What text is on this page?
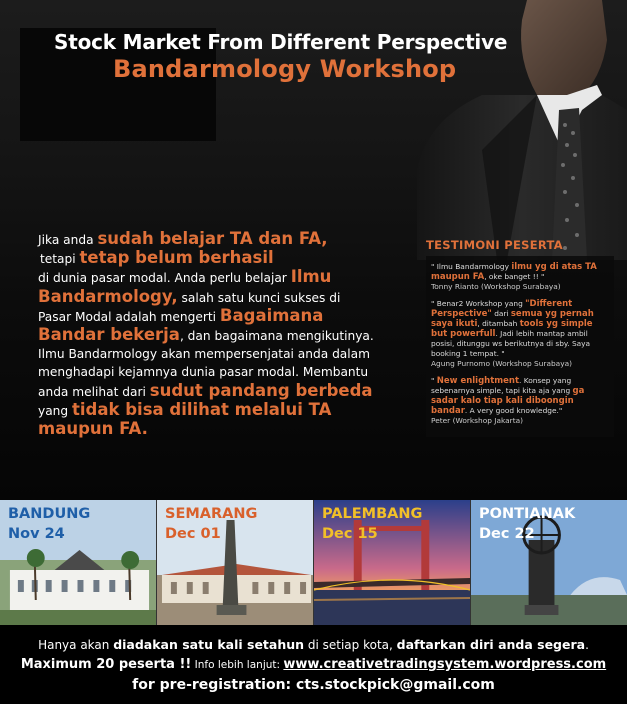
Stock Market From Different Perspective
Bandarmology Workshop
Jika anda sudah belajar TA dan FA,
tetapi tetap belum berhasil
di dunia pasar modal. Anda perlu belajar Ilmu
Bandarmology, salah satu kunci sukses di
Pasar Modal adalah mengerti Bagaimana
Bandar bekerja, dan bagaimana mengikutinya.
Ilmu Bandarmology akan mempersenjatai anda dalam
menghadapi kejamnya dunia pasar modal. Membantu
anda melihat dari sudut pandang berbeda
yang tidak bisa dilihat melalui TA
maupun FA.
TESTIMONI PESERTA
" Ilmu Bandarmology ilmu yg di atas TA maupun FA, oke banget !! "
Tonny Rianto (Workshop Surabaya)
" Benar2 Workshop yang "Different Perspective" dari semua yg pernah saya ikuti, ditambah tools yg simple but powerfull. Jadi lebih mantap ambil posisi, ditunggu ws berikutnya di sby. Saya booking 1 tempat. "
Agung Purnomo (Workshop Surabaya)
" New enlightment. Konsep yang sebenarnya simple, tapi kita aja yang ga sadar kalo tiap kali diboongin bandar. A very good knowledge."
Peter (Workshop Jakarta)
BANDUNG
Nov 24
SEMARANG
Dec 01
PALEMBANG
Dec 15
PONTIANAK
Dec 22
Hanya akan diadakan satu kali setahun di setiap kota, daftarkan diri anda segera.
Maximum 20 peserta !! Info lebih lanjut: www.creativetradingsystem.wordpress.com
for pre-registration: cts.stockpick@gmail.com
